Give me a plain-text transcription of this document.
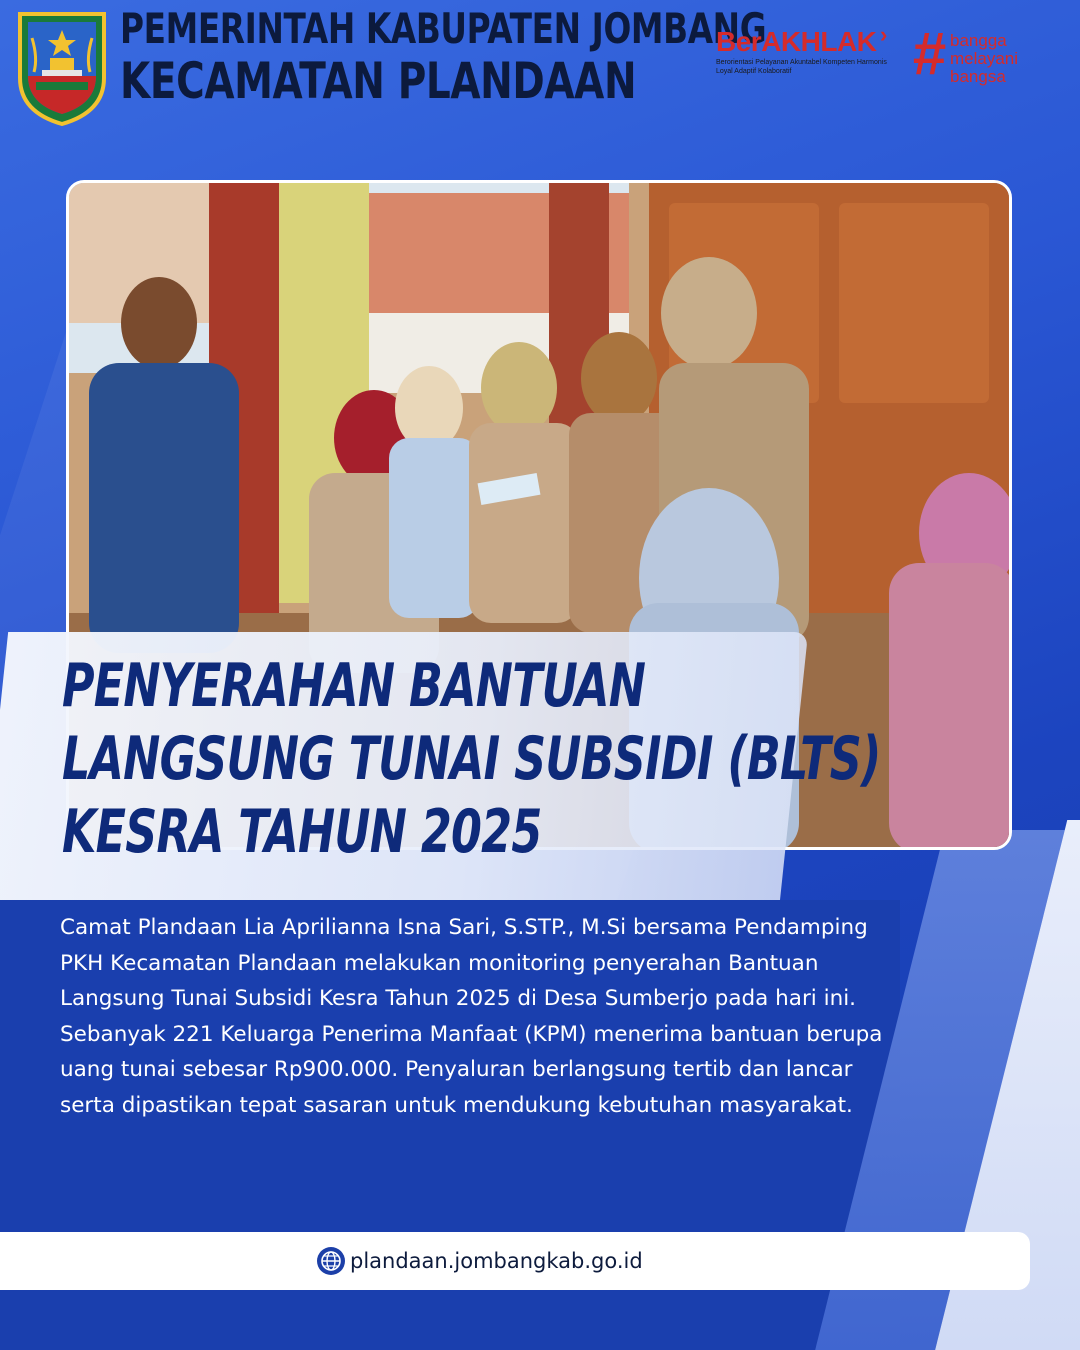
PEMERINTAH KABUPATEN JOMBANG
KECAMATAN PLANDAAN
BerAKHLAK ›
Berorientasi Pelayanan Akuntabel Kompeten Harmonis Loyal Adaptif Kolaboratif	# bangga
melayani
bangsa
PENYERAHAN BANTUAN
LANGSUNG TUNAI SUBSIDI (BLTS)
KESRA TAHUN 2025

Camat Plandaan Lia Aprilianna Isna Sari, S.STP., M.Si bersama Pendamping PKH Kecamatan Plandaan melakukan monitoring penyerahan Bantuan Langsung Tunai Subsidi Kesra Tahun 2025 di Desa Sumberjo pada hari ini.

Sebanyak 221 Keluarga Penerima Manfaat (KPM) menerima bantuan berupa uang tunai sebesar Rp900.000. Penyaluran berlangsung tertib dan lancar serta dipastikan tepat sasaran untuk mendukung kebutuhan masyarakat.

plandaan.jombangkab.go.id
